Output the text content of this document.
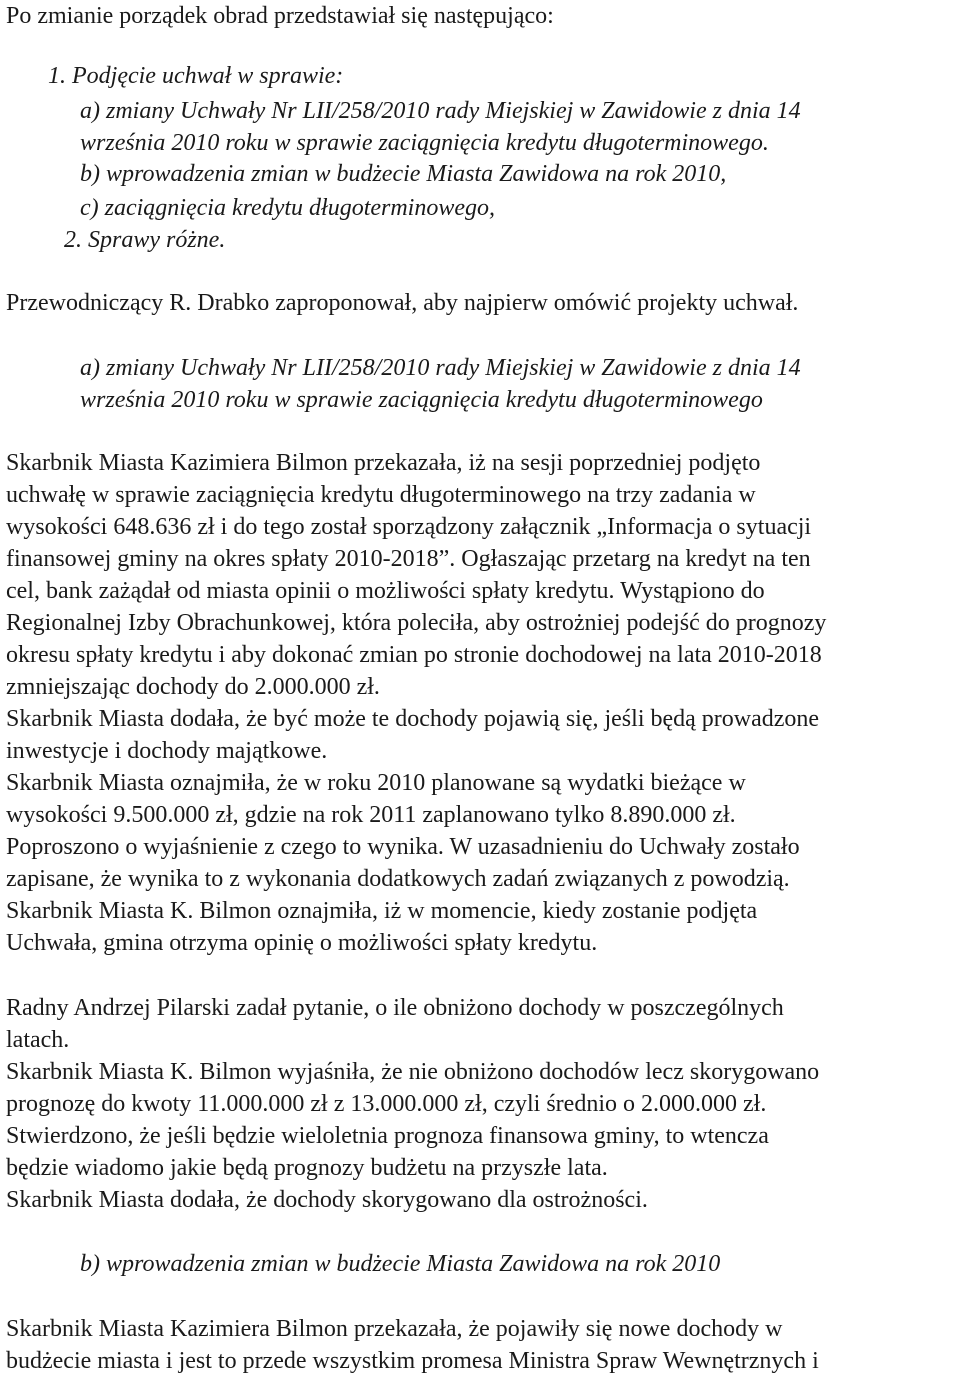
Po zmianie porządek obrad przedstawiał się następująco:
1. Podjęcie uchwał w sprawie:
a) zmiany Uchwały Nr LII/258/2010 rady Miejskiej w Zawidowie z dnia 14
września 2010 roku w sprawie zaciągnięcia kredytu długoterminowego.
b) wprowadzenia zmian w budżecie Miasta Zawidowa na rok 2010,
c) zaciągnięcia kredytu długoterminowego,
2. Sprawy różne.
Przewodniczący R. Drabko zaproponował, aby najpierw omówić projekty uchwał.
a) zmiany Uchwały Nr LII/258/2010 rady Miejskiej w Zawidowie z dnia 14
września 2010 roku w sprawie zaciągnięcia kredytu długoterminowego
Skarbnik Miasta Kazimiera Bilmon przekazała, iż na sesji poprzedniej podjęto
uchwałę w sprawie zaciągnięcia kredytu długoterminowego na trzy zadania w
wysokości 648.636 zł i do tego został sporządzony załącznik „Informacja o sytuacji
finansowej gminy na okres spłaty 2010-2018”. Ogłaszając przetarg na kredyt na ten
cel, bank zażądał od miasta opinii o możliwości spłaty kredytu. Wystąpiono do
Regionalnej Izby Obrachunkowej, która poleciła, aby ostrożniej podejść do prognozy
okresu spłaty kredytu i aby dokonać zmian po stronie dochodowej na lata 2010-2018
zmniejszając dochody do 2.000.000 zł.
Skarbnik Miasta dodała, że być może te dochody pojawią się, jeśli będą prowadzone
inwestycje i dochody majątkowe.
Skarbnik Miasta oznajmiła, że w roku 2010 planowane są wydatki bieżące w
wysokości 9.500.000 zł, gdzie na rok 2011 zaplanowano tylko 8.890.000 zł.
Poproszono o wyjaśnienie z czego to wynika. W uzasadnieniu do Uchwały zostało
zapisane, że wynika to z wykonania dodatkowych zadań związanych z powodzią.
Skarbnik Miasta K. Bilmon oznajmiła, iż w momencie, kiedy zostanie podjęta
Uchwała, gmina otrzyma opinię o możliwości spłaty kredytu.
Radny Andrzej Pilarski zadał pytanie, o ile obniżono dochody w poszczególnych
latach.
Skarbnik Miasta K. Bilmon wyjaśniła, że nie obniżono dochodów lecz skorygowano
prognozę do kwoty 11.000.000 zł z 13.000.000 zł, czyli średnio o 2.000.000 zł.
Stwierdzono, że jeśli będzie wieloletnia prognoza finansowa gminy, to wtencza
będzie wiadomo jakie będą prognozy budżetu na przyszłe lata.
Skarbnik Miasta dodała, że dochody skorygowano dla ostrożności.
b) wprowadzenia zmian w budżecie Miasta Zawidowa na rok 2010
Skarbnik Miasta Kazimiera Bilmon przekazała, że pojawiły się nowe dochody w
budżecie miasta i jest to przede wszystkim promesa Ministra Spraw Wewnętrznych i
